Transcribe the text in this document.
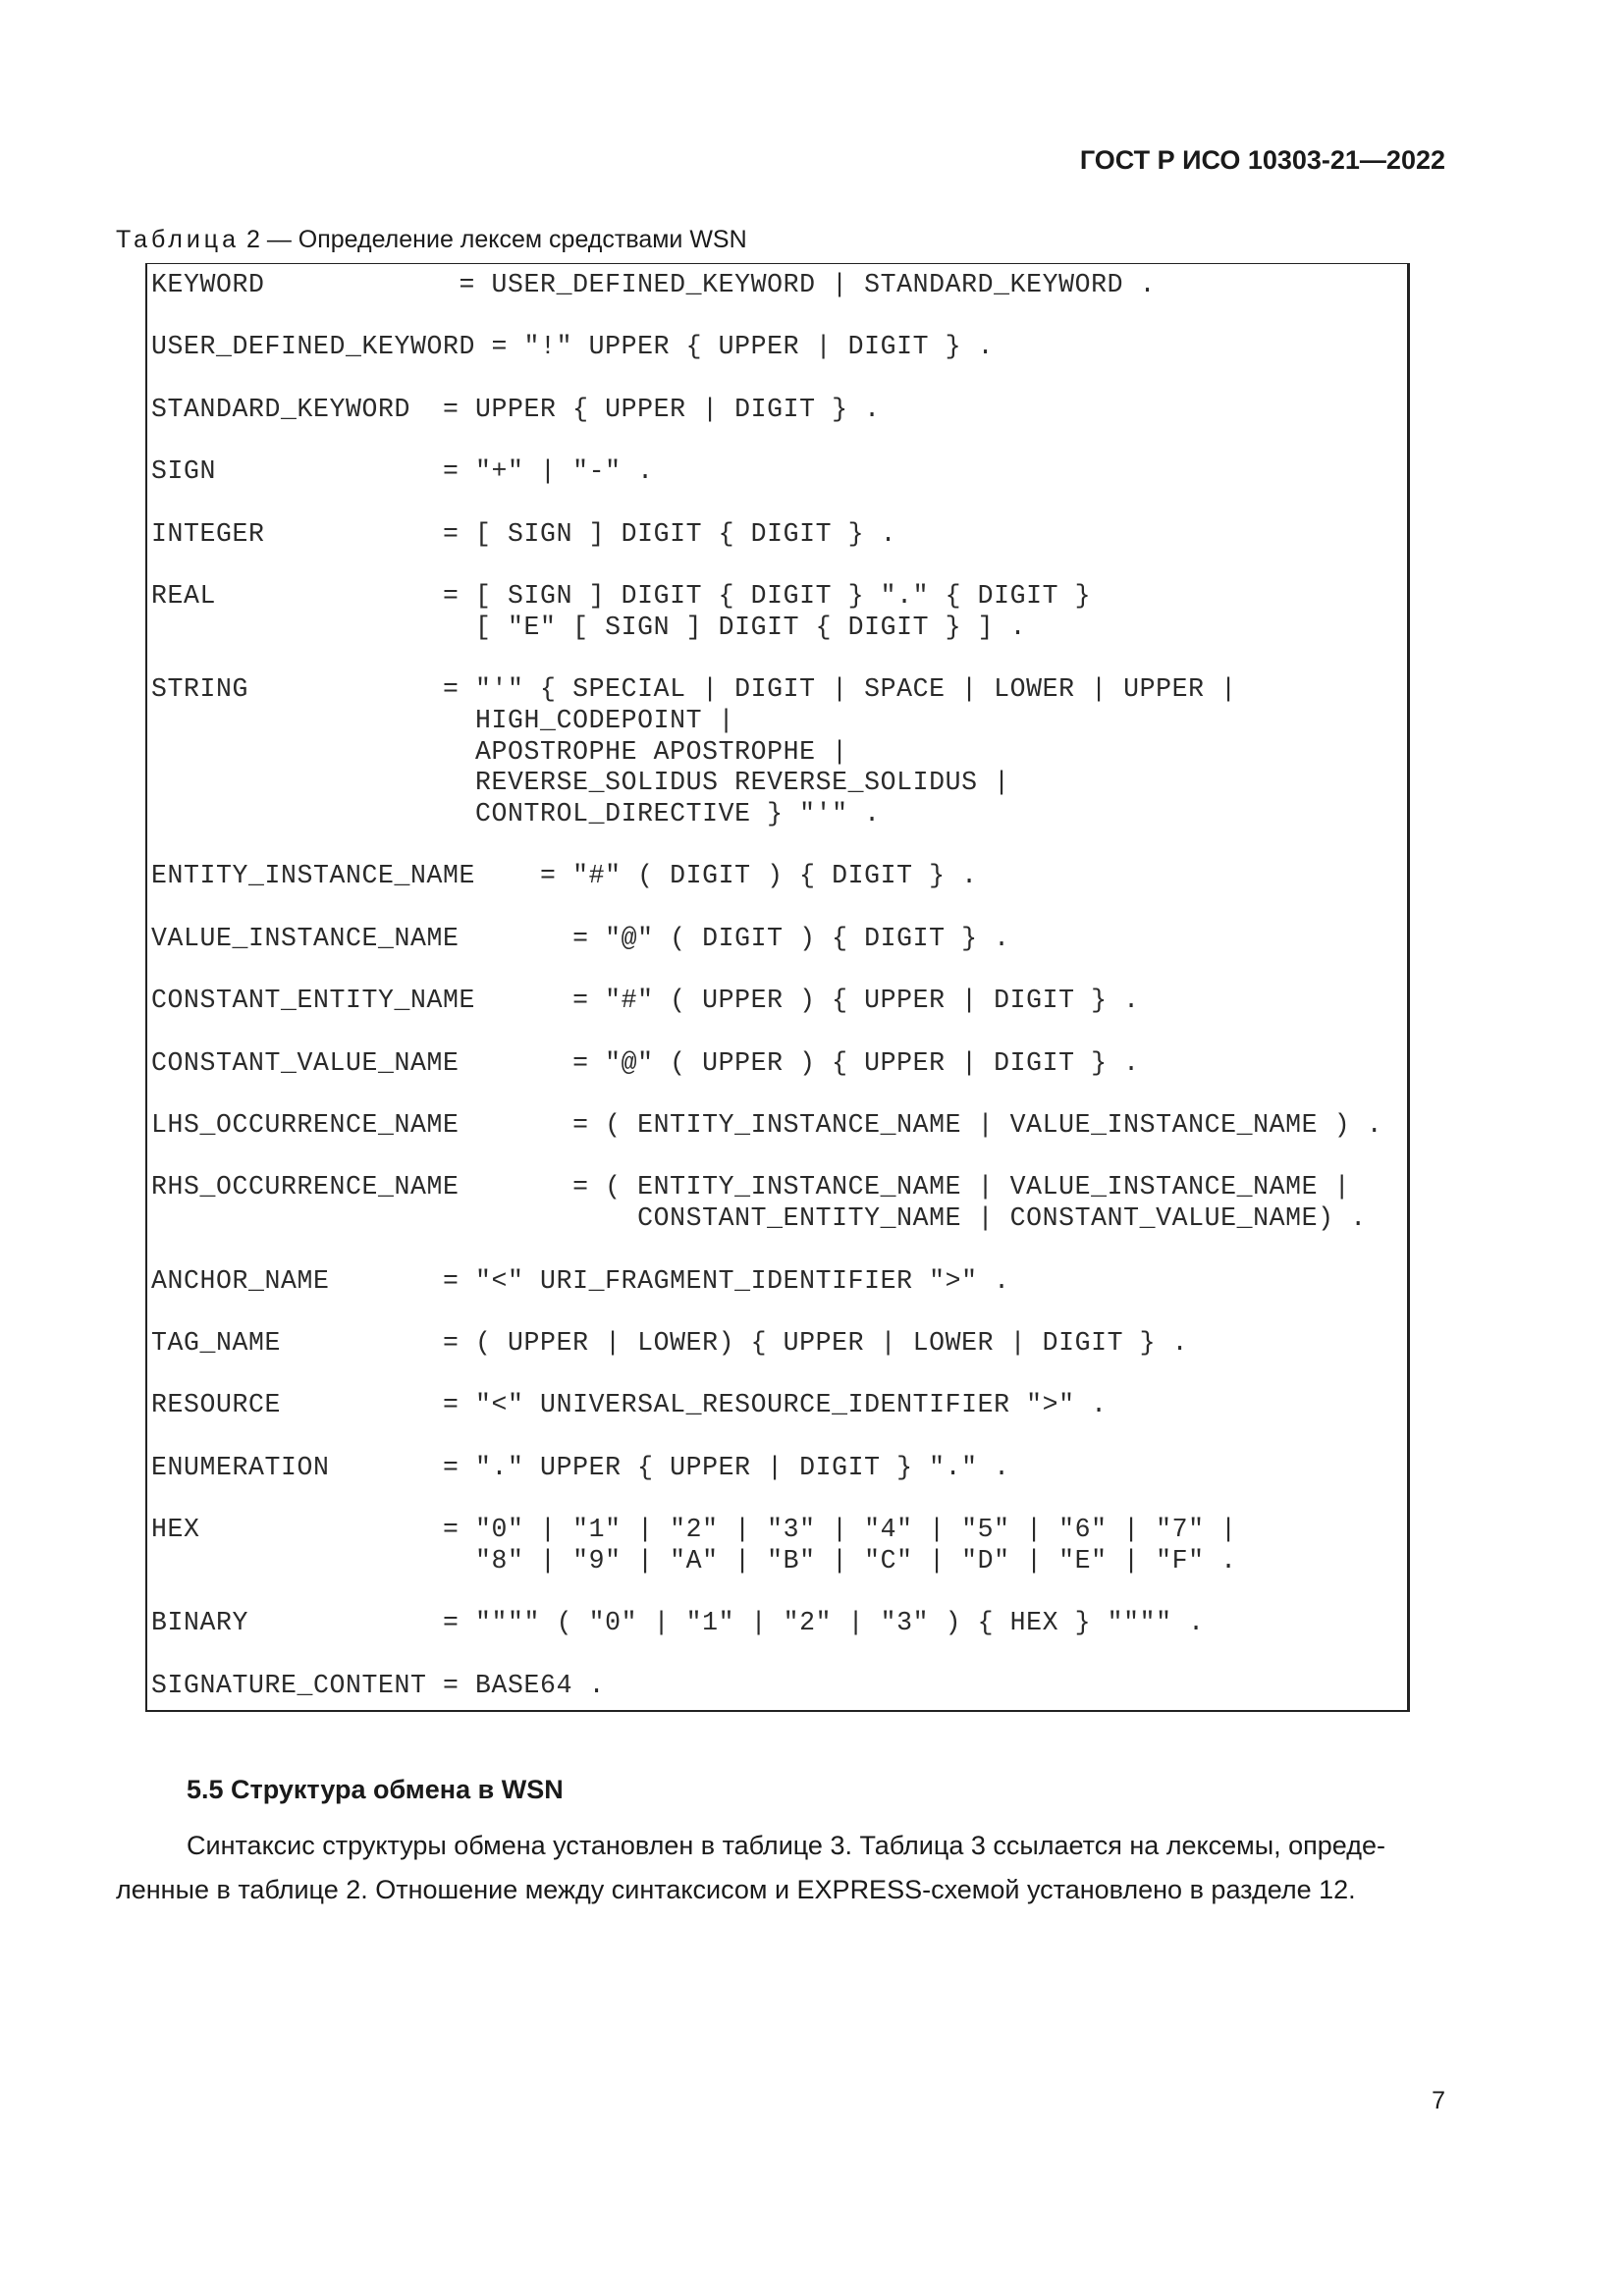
ГОСТ Р ИСО 10303-21—2022
Таблица 2 — Определение лексем средствами WSN
KEYWORD            = USER_DEFINED_KEYWORD | STANDARD_KEYWORD .

USER_DEFINED_KEYWORD = "!" UPPER { UPPER | DIGIT } .

STANDARD_KEYWORD  = UPPER { UPPER | DIGIT } .

SIGN              = "+" | "-" .

INTEGER           = [ SIGN ] DIGIT { DIGIT } .

REAL              = [ SIGN ] DIGIT { DIGIT } "." { DIGIT }
[ "E" [ SIGN ] DIGIT { DIGIT } ] .

STRING            = "'" { SPECIAL | DIGIT | SPACE | LOWER | UPPER |
HIGH_CODEPOINT |
APOSTROPHE APOSTROPHE |
REVERSE_SOLIDUS REVERSE_SOLIDUS |
CONTROL_DIRECTIVE } "'" .

ENTITY_INSTANCE_NAME    = "#" ( DIGIT ) { DIGIT } .

VALUE_INSTANCE_NAME       = "@" ( DIGIT ) { DIGIT } .

CONSTANT_ENTITY_NAME      = "#" ( UPPER ) { UPPER | DIGIT } .

CONSTANT_VALUE_NAME       = "@" ( UPPER ) { UPPER | DIGIT } .

LHS_OCCURRENCE_NAME       = ( ENTITY_INSTANCE_NAME | VALUE_INSTANCE_NAME ) .

RHS_OCCURRENCE_NAME       = ( ENTITY_INSTANCE_NAME | VALUE_INSTANCE_NAME |
CONSTANT_ENTITY_NAME | CONSTANT_VALUE_NAME) .

ANCHOR_NAME       = "<" URI_FRAGMENT_IDENTIFIER ">" .

TAG_NAME          = ( UPPER | LOWER) { UPPER | LOWER | DIGIT } .

RESOURCE          = "<" UNIVERSAL_RESOURCE_IDENTIFIER ">" .

ENUMERATION       = "." UPPER { UPPER | DIGIT } "." .

HEX               = "0" | "1" | "2" | "3" | "4" | "5" | "6" | "7" |
"8" | "9" | "A" | "B" | "C" | "D" | "E" | "F" .

BINARY            = """" ( "0" | "1" | "2" | "3" ) { HEX } """" .

SIGNATURE_CONTENT = BASE64 .
5.5 Структура обмена в WSN

Синтаксис структуры обмена установлен в таблице 3. Таблица 3 ссылается на лексемы, опреде-
ленные в таблице 2. Отношение между синтаксисом и EXPRESS-схемой установлено в разделе 12.

7
